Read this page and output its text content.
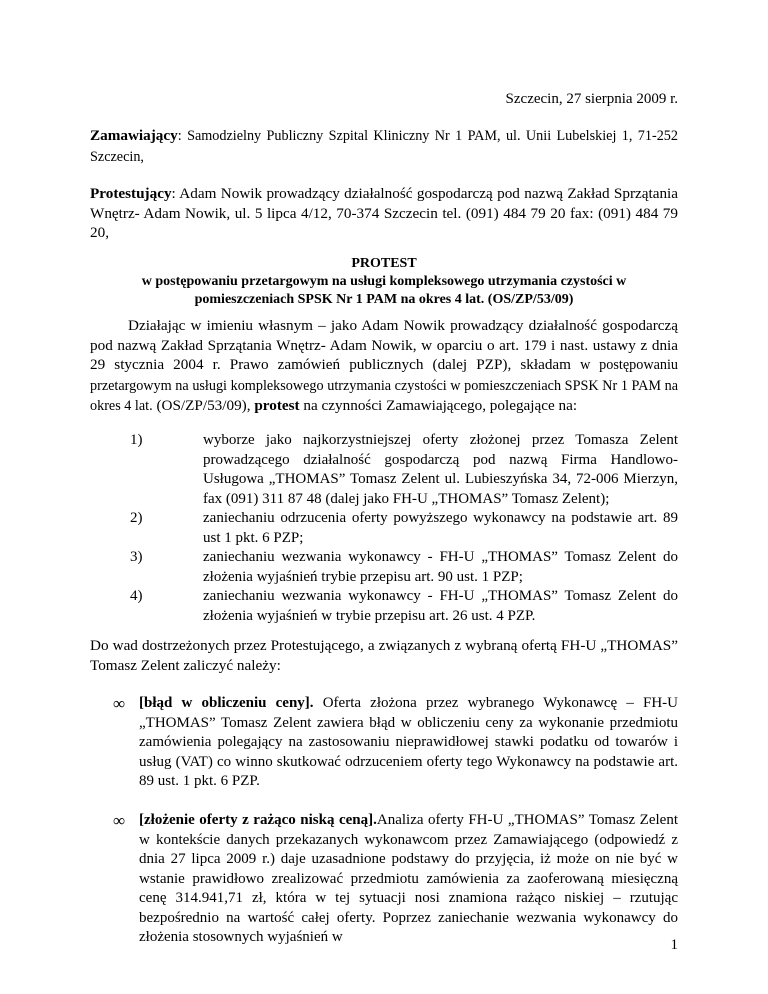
Szczecin, 27 sierpnia 2009 r.
Zamawiający: Samodzielny Publiczny Szpital Kliniczny Nr 1 PAM, ul. Unii Lubelskiej 1, 71-252 Szczecin,
Protestujący: Adam Nowik prowadzący działalność gospodarczą pod nazwą Zakład Sprzątania Wnętrz- Adam Nowik, ul. 5 lipca 4/12, 70-374 Szczecin tel. (091) 484 79 20 fax: (091) 484 79 20,
PROTEST
w postępowaniu przetargowym na usługi kompleksowego utrzymania czystości w
pomieszczeniach SPSK Nr 1 PAM na okres 4 lat. (OS/ZP/53/09)
Działając w imieniu własnym – jako Adam Nowik prowadzący działalność gospodarczą pod nazwą Zakład Sprzątania Wnętrz- Adam Nowik, w oparciu o art. 179 i nast. ustawy z dnia 29 stycznia 2004 r. Prawo zamówień publicznych (dalej PZP), składam w postępowaniu przetargowym na usługi kompleksowego utrzymania czystości w pomieszczeniach SPSK Nr 1 PAM na okres 4 lat. (OS/ZP/53/09), protest na czynności Zamawiającego, polegające na:
1)	wyborze jako najkorzystniejszej oferty złożonej przez Tomasza Zelent prowadzącego działalność gospodarczą pod nazwą Firma Handlowo-Usługowa „THOMAS” Tomasz Zelent ul. Lubieszyńska 34, 72-006 Mierzyn, fax (091) 311 87 48 (dalej jako FH-U „THOMAS” Tomasz Zelent);
2)	zaniechaniu odrzucenia oferty powyższego wykonawcy na podstawie art. 89 ust 1 pkt. 6 PZP;
3)	zaniechaniu wezwania wykonawcy - FH-U „THOMAS” Tomasz Zelent do złożenia wyjaśnień trybie przepisu art. 90 ust. 1 PZP;
4)	zaniechaniu wezwania wykonawcy - FH-U „THOMAS” Tomasz Zelent do złożenia wyjaśnień w trybie przepisu art. 26 ust. 4 PZP.
Do wad dostrzeżonych przez Protestującego, a związanych z wybraną ofertą FH-U „THOMAS” Tomasz Zelent zaliczyć należy:
∞ [błąd w obliczeniu ceny]. Oferta złożona przez wybranego Wykonawcę – FH-U „THOMAS” Tomasz Zelent zawiera błąd w obliczeniu ceny za wykonanie przedmiotu zamówienia polegający na zastosowaniu nieprawidłowej stawki podatku od towarów i usług (VAT) co winno skutkować odrzuceniem oferty tego Wykonawcy na podstawie art. 89 ust. 1 pkt. 6 PZP.
∞ [złożenie oferty z rażąco niską ceną].Analiza oferty FH-U „THOMAS” Tomasz Zelent w kontekście danych przekazanych wykonawcom przez Zamawiającego (odpowiedź z dnia 27 lipca 2009 r.) daje uzasadnione podstawy do przyjęcia, iż może on nie być w wstanie prawidłowo zrealizować przedmiotu zamówienia za zaoferowaną miesięczną cenę 314.941,71 zł, która w tej sytuacji nosi znamiona rażąco niskiej – rzutując bezpośrednio na wartość całej oferty. Poprzez zaniechanie wezwania wykonawcy do złożenia stosownych wyjaśnień w	1
